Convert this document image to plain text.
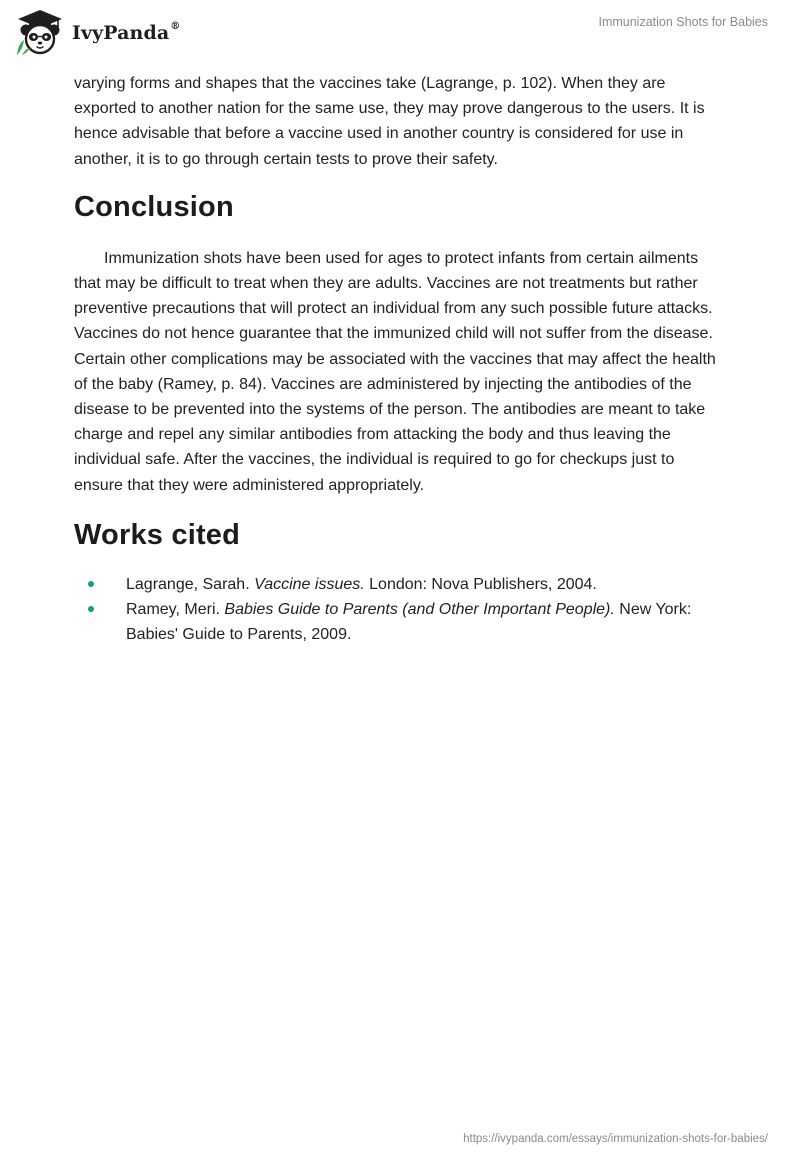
IvyPanda®	Immunization Shots for Babies

varying forms and shapes that the vaccines take (Lagrange, p. 102). When they are exported to another nation for the same use, they may prove dangerous to the users. It is hence advisable that before a vaccine used in another country is considered for use in another, it is to go through certain tests to prove their safety.

Conclusion

Immunization shots have been used for ages to protect infants from certain ailments that may be difficult to treat when they are adults. Vaccines are not treatments but rather preventive precautions that will protect an individual from any such possible future attacks. Vaccines do not hence guarantee that the immunized child will not suffer from the disease. Certain other complications may be associated with the vaccines that may affect the health of the baby (Ramey, p. 84). Vaccines are administered by injecting the antibodies of the disease to be prevented into the systems of the person. The antibodies are meant to take charge and repel any similar antibodies from attacking the body and thus leaving the individual safe. After the vaccines, the individual is required to go for checkups just to ensure that they were administered appropriately.

Works cited
Lagrange, Sarah. Vaccine issues. London: Nova Publishers, 2004.
Ramey, Meri. Babies Guide to Parents (and Other Important People). New York: Babies' Guide to Parents, 2009.
https://ivypanda.com/essays/immunization-shots-for-babies/
